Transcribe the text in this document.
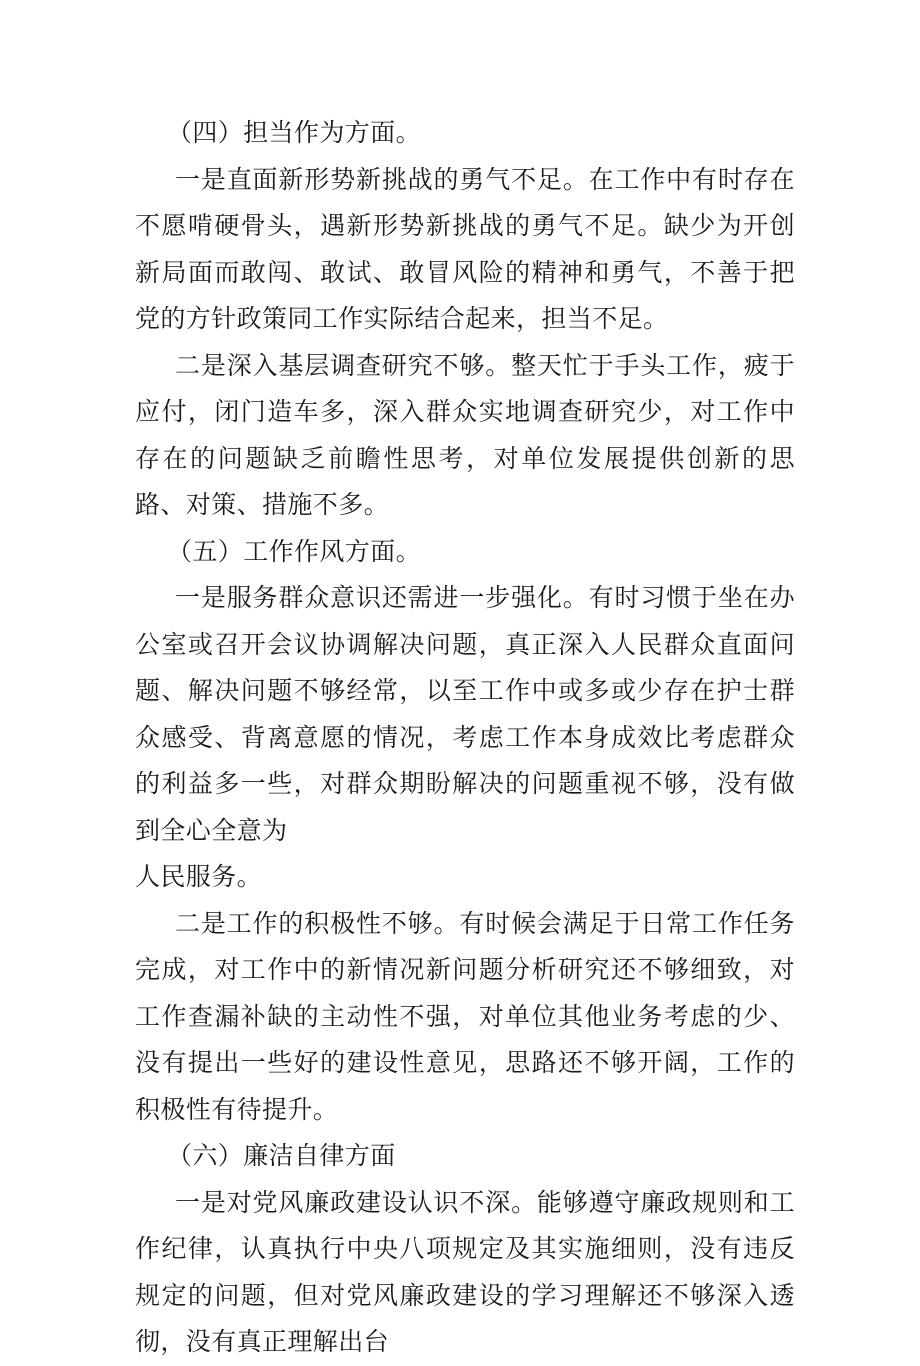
（四）担当作为方面。

一是直面新形势新挑战的勇气不足。在工作中有时存在不愿啃硬骨头，遇新形势新挑战的勇气不足。缺少为开创新局面而敢闯、敢试、敢冒风险的精神和勇气，不善于把党的方针政策同工作实际结合起来，担当不足。

二是深入基层调查研究不够。整天忙于手头工作，疲于应付，闭门造车多，深入群众实地调查研究少，对工作中存在的问题缺乏前瞻性思考，对单位发展提供创新的思路、对策、措施不多。

（五）工作作风方面。

一是服务群众意识还需进一步强化。有时习惯于坐在办公室或召开会议协调解决问题，真正深入人民群众直面问题、解决问题不够经常，以至工作中或多或少存在护士群众感受、背离意愿的情况，考虑工作本身成效比考虑群众的利益多一些，对群众期盼解决的问题重视不够，没有做到全心全意为
人民服务。

二是工作的积极性不够。有时候会满足于日常工作任务完成，对工作中的新情况新问题分析研究还不够细致，对工作查漏补缺的主动性不强，对单位其他业务考虑的少、没有提出一些好的建设性意见，思路还不够开阔，工作的积极性有待提升。

（六）廉洁自律方面

一是对党风廉政建设认识不深。能够遵守廉政规则和工作纪律，认真执行中央八项规定及其实施细则，没有违反规定的问题，但对党风廉政建设的学习理解还不够深入透彻，没有真正理解出台
